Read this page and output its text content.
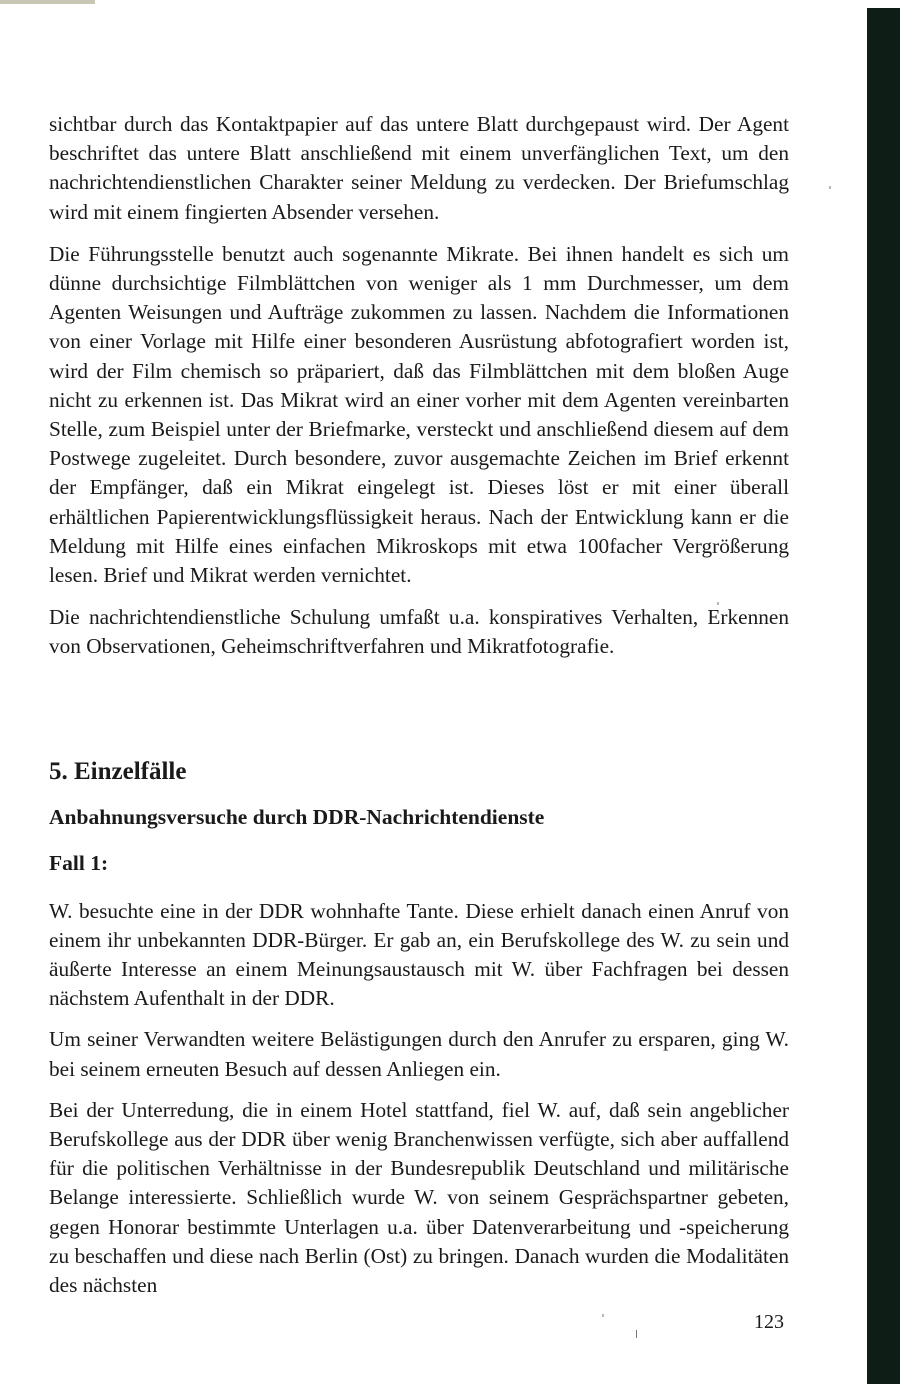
sichtbar durch das Kontaktpapier auf das untere Blatt durchgepaust wird. Der Agent beschriftet das untere Blatt anschließend mit einem unverfänglichen Text, um den nachrichtendienstlichen Charakter seiner Meldung zu verdecken. Der Briefumschlag wird mit einem fingierten Absender versehen.

Die Führungsstelle benutzt auch sogenannte Mikrate. Bei ihnen handelt es sich um dünne durchsichtige Filmblättchen von weniger als 1 mm Durchmesser, um dem Agenten Weisungen und Aufträge zukommen zu lassen. Nachdem die Informationen von einer Vorlage mit Hilfe einer besonderen Ausrüstung abfotografiert worden ist, wird der Film chemisch so präpariert, daß das Filmblättchen mit dem bloßen Auge nicht zu erkennen ist. Das Mikrat wird an einer vorher mit dem Agenten vereinbarten Stelle, zum Beispiel unter der Briefmarke, versteckt und anschließend diesem auf dem Postwege zugeleitet. Durch besondere, zuvor ausgemachte Zeichen im Brief erkennt der Empfänger, daß ein Mikrat eingelegt ist. Dieses löst er mit einer überall erhältlichen Papierentwicklungsflüssigkeit heraus. Nach der Entwicklung kann er die Meldung mit Hilfe eines einfachen Mikroskops mit etwa 100facher Vergrößerung lesen. Brief und Mikrat werden vernichtet.

Die nachrichtendienstliche Schulung umfaßt u.a. konspiratives Verhalten, Erkennen von Observationen, Geheimschriftverfahren und Mikratfotografie.

5. Einzelfälle
Anbahnungsversuche durch DDR-Nachrichtendienste
Fall 1:

W. besuchte eine in der DDR wohnhafte Tante. Diese erhielt danach einen Anruf von einem ihr unbekannten DDR-Bürger. Er gab an, ein Berufskollege des W. zu sein und äußerte Interesse an einem Meinungsaustausch mit W. über Fachfragen bei dessen nächstem Aufenthalt in der DDR.

Um seiner Verwandten weitere Belästigungen durch den Anrufer zu ersparen, ging W. bei seinem erneuten Besuch auf dessen Anliegen ein.

Bei der Unterredung, die in einem Hotel stattfand, fiel W. auf, daß sein angeblicher Berufskollege aus der DDR über wenig Branchenwissen verfügte, sich aber auffallend für die politischen Verhältnisse in der Bundesrepublik Deutschland und militärische Belange interessierte. Schließlich wurde W. von seinem Gesprächspartner gebeten, gegen Honorar bestimmte Unterlagen u.a. über Datenverarbeitung und -speicherung zu beschaffen und diese nach Berlin (Ost) zu bringen. Danach wurden die Modalitäten des nächsten

123
